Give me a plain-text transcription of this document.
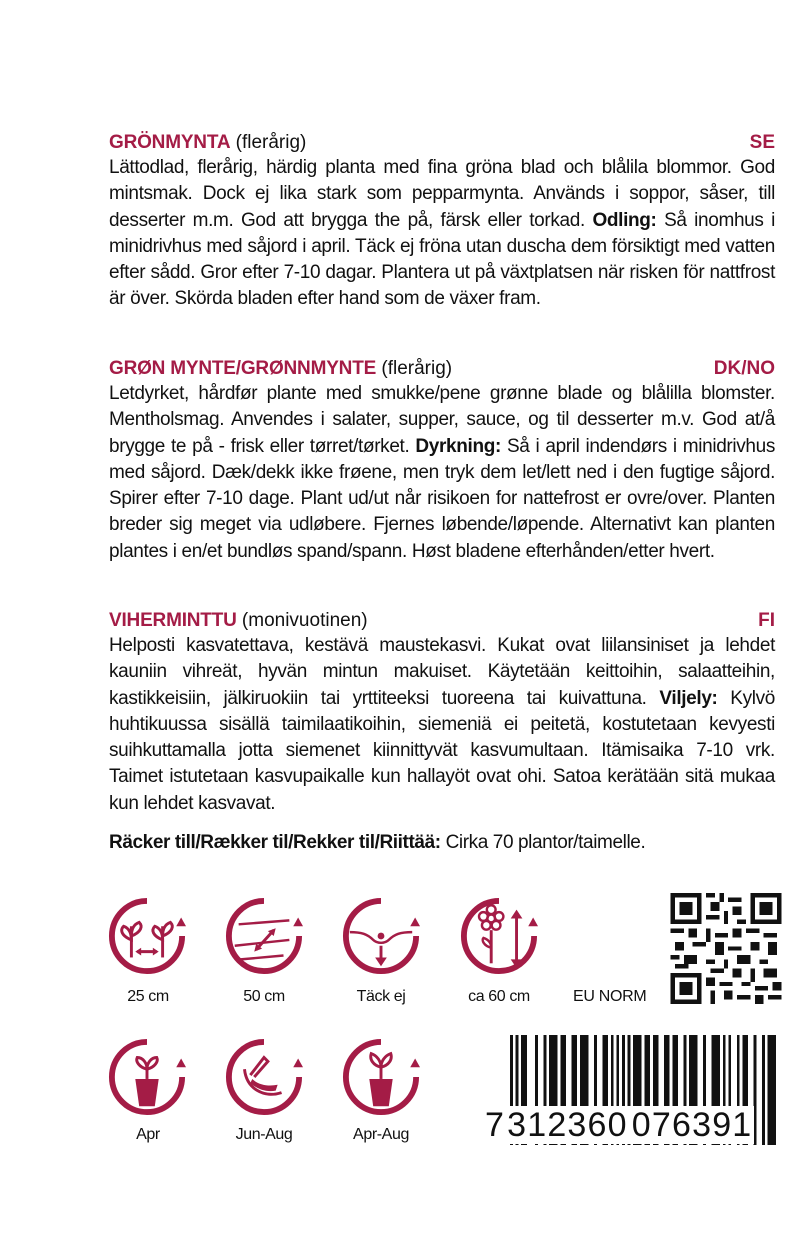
GRÖNMYNTA (flerårig)	SE
Lättodlad, flerårig, härdig planta med fina gröna blad och blålila blommor. God mintsmak. Dock ej lika stark som pepparmynta. Används i soppor, såser, till desserter m.m. God att brygga the på, färsk eller torkad. Odling: Så inomhus i minidrivhus med såjord i april. Täck ej fröna utan duscha dem försiktigt med vatten efter sådd. Gror efter 7-10 dagar. Plantera ut på växtplatsen när risken för nattfrost är över. Skörda bladen efter hand som de växer fram.
GRØN MYNTE/GRØNNMYNTE (flerårig)	DK/NO
Letdyrket, hårdfør plante med smukke/pene grønne blade og blålilla blomster. Mentholsmag. Anvendes i salater, supper, sauce, og til desserter m.v. God at/å brygge te på - frisk eller tørret/tørket. Dyrkning: Så i april indendørs i minidrivhus med såjord. Dæk/dekk ikke frøene, men tryk dem let/lett ned i den fugtige såjord. Spirer efter 7-10 dage. Plant ud/ut når risikoen for nattefrost er ovre/over. Planten breder sig meget via udløbere. Fjernes løbende/løpende. Alternativt kan planten plantes i en/et bundløs spand/spann. Høst bladene efterhånden/etter hvert.
VIHERMINTTU (monivuotinen)	FI
Helposti kasvatettava, kestävä maustekasvi. Kukat ovat liilansiniset ja lehdet kauniin vihreät, hyvän mintun makuiset. Käytetään keittoihin, salaatteihin, kastikkeisiin, jälkiruokiin tai yrttiteeksi tuoreena tai kuivattuna. Viljely: Kylvö huhtikuussa sisällä taimilaatikoihin, siemeniä ei peitetä, kostutetaan kevyesti suihkuttamalla jotta siemenet kiinnittyvät kasvumultaan. Itämisaika 7-10 vrk. Taimet istutetaan kasvupaikalle kun hallayöt ovat ohi. Satoa kerätään sitä mukaa kun lehdet kasvavat.
Räcker till/Rækker til/Rekker til/Riittää: Cirka 70 plantor/taimelle.
25 cm	50 cm	Täck ej	ca 60 cm	EU NORM
Apr	Jun-Aug	Apr-Aug	7312360 076391
